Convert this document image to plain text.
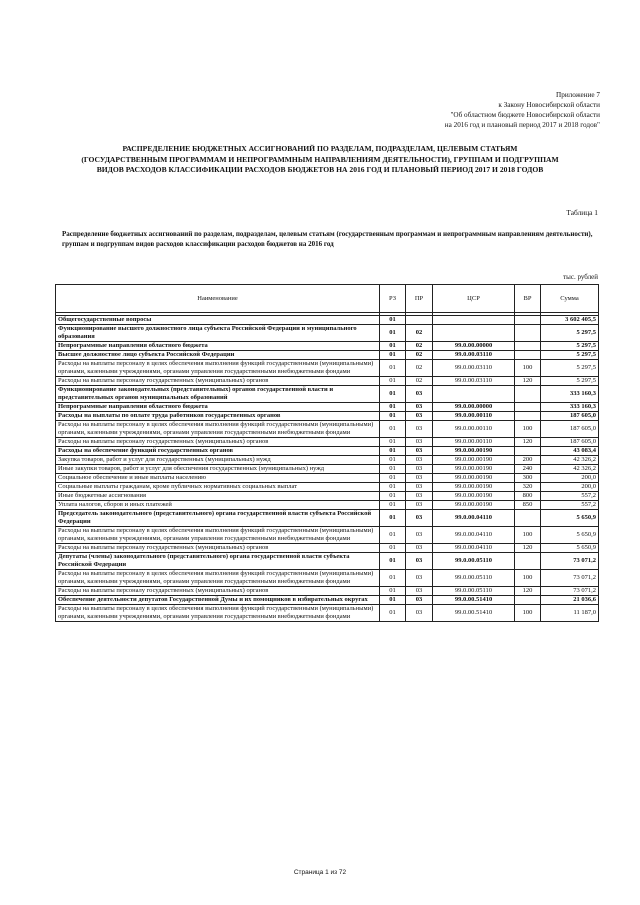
Приложение 7
к Закону Новосибирской области
"Об областном бюджете Новосибирской области
на 2016 год и плановый период 2017 и 2018 годов"
РАСПРЕДЕЛЕНИЕ БЮДЖЕТНЫХ АССИГНОВАНИЙ ПО РАЗДЕЛАМ, ПОДРАЗДЕЛАМ, ЦЕЛЕВЫМ СТАТЬЯМ
(ГОСУДАРСТВЕННЫМ ПРОГРАММАМ И НЕПРОГРАММНЫМ НАПРАВЛЕНИЯМ ДЕЯТЕЛЬНОСТИ), ГРУППАМ И ПОДГРУППАМ
ВИДОВ РАСХОДОВ КЛАССИФИКАЦИИ РАСХОДОВ БЮДЖЕТОВ НА 2016 ГОД И ПЛАНОВЫЙ ПЕРИОД 2017 И 2018 ГОДОВ
Таблица 1
Распределение бюджетных ассигнований по разделам, подразделам, целевым статьям (государственным программам и непрограммным направлениям деятельности), группам и подгруппам видов расходов классификации расходов бюджетов на 2016 год
тыс. рублей
Наименование	РЗ	ПР	ЦСР	ВР	Сумма

Общегосударственные вопросы	01				3 602 405,5
Функционирование высшего должностного лица субъекта Российской Федерации и муниципального образования	01	02			5 297,5
Непрограммные направления областного бюджета	01	02	99.0.00.00000		5 297,5
Высшее должностное лицо субъекта Российской Федерации	01	02	99.0.00.03110		5 297,5
Расходы на выплаты персоналу в целях обеспечения выполнения функций государственными (муниципальными) органами, казенными учреждениями, органами управления государственными внебюджетными фондами	01	02	99.0.00.03110	100	5 297,5
Расходы на выплаты персоналу государственных (муниципальных) органов	01	02	99.0.00.03110	120	5 297,5
Функционирование законодательных (представительных) органов государственной власти и представительных органов муниципальных образований	01	03			333 160,3
Непрограммные направления областного бюджета	01	03	99.0.00.00000		333 160,3
Расходы на выплаты по оплате труда работников государственных органов	01	03	99.0.00.00110		187 605,0
Расходы на выплаты персоналу в целях обеспечения выполнения функций государственными (муниципальными) органами, казенными учреждениями, органами управления государственными внебюджетными фондами	01	03	99.0.00.00110	100	187 605,0
Расходы на выплаты персоналу государственных (муниципальных) органов	01	03	99.0.00.00110	120	187 605,0
Расходы на обеспечение функций государственных органов	01	03	99.0.00.00190		43 083,4
Закупка товаров, работ и услуг для государственных (муниципальных) нужд	01	03	99.0.00.00190	200	42 326,2
Иные закупки товаров, работ и услуг для обеспечения государственных (муниципальных) нужд	01	03	99.0.00.00190	240	42 326,2
Социальное обеспечение и иные выплаты населению	01	03	99.0.00.00190	300	200,0
Социальные выплаты гражданам, кроме публичных нормативных социальных выплат	01	03	99.0.00.00190	320	200,0
Иные бюджетные ассигнования	01	03	99.0.00.00190	800	557,2
Уплата налогов, сборов и иных платежей	01	03	99.0.00.00190	850	557,2
Председатель законодательного (представительного) органа государственной власти субъекта Российской Федерации	01	03	99.0.00.04110		5 650,9
Расходы на выплаты персоналу в целях обеспечения выполнения функций государственными (муниципальными) органами, казенными учреждениями, органами управления государственными внебюджетными фондами	01	03	99.0.00.04110	100	5 650,9
Расходы на выплаты персоналу государственных (муниципальных) органов	01	03	99.0.00.04110	120	5 650,9
Депутаты (члены) законодательного (представительного) органа государственной власти субъекта Российской Федерации	01	03	99.0.00.05110		73 071,2
Расходы на выплаты персоналу в целях обеспечения выполнения функций государственными (муниципальными) органами, казенными учреждениями, органами управления государственными внебюджетными фондами	01	03	99.0.00.05110	100	73 071,2
Расходы на выплаты персоналу государственных (муниципальных) органов	01	03	99.0.00.05110	120	73 071,2
Обеспечение деятельности депутатов Государственной Думы и их помощников в избирательных округах	01	03	99.0.00.51410		21 036,6
Расходы на выплаты персоналу в целях обеспечения выполнения функций государственными (муниципальными) органами, казенными учреждениями, органами управления государственными внебюджетными фондами	01	03	99.0.00.51410	100	11 187,0
Страница 1 из 72
